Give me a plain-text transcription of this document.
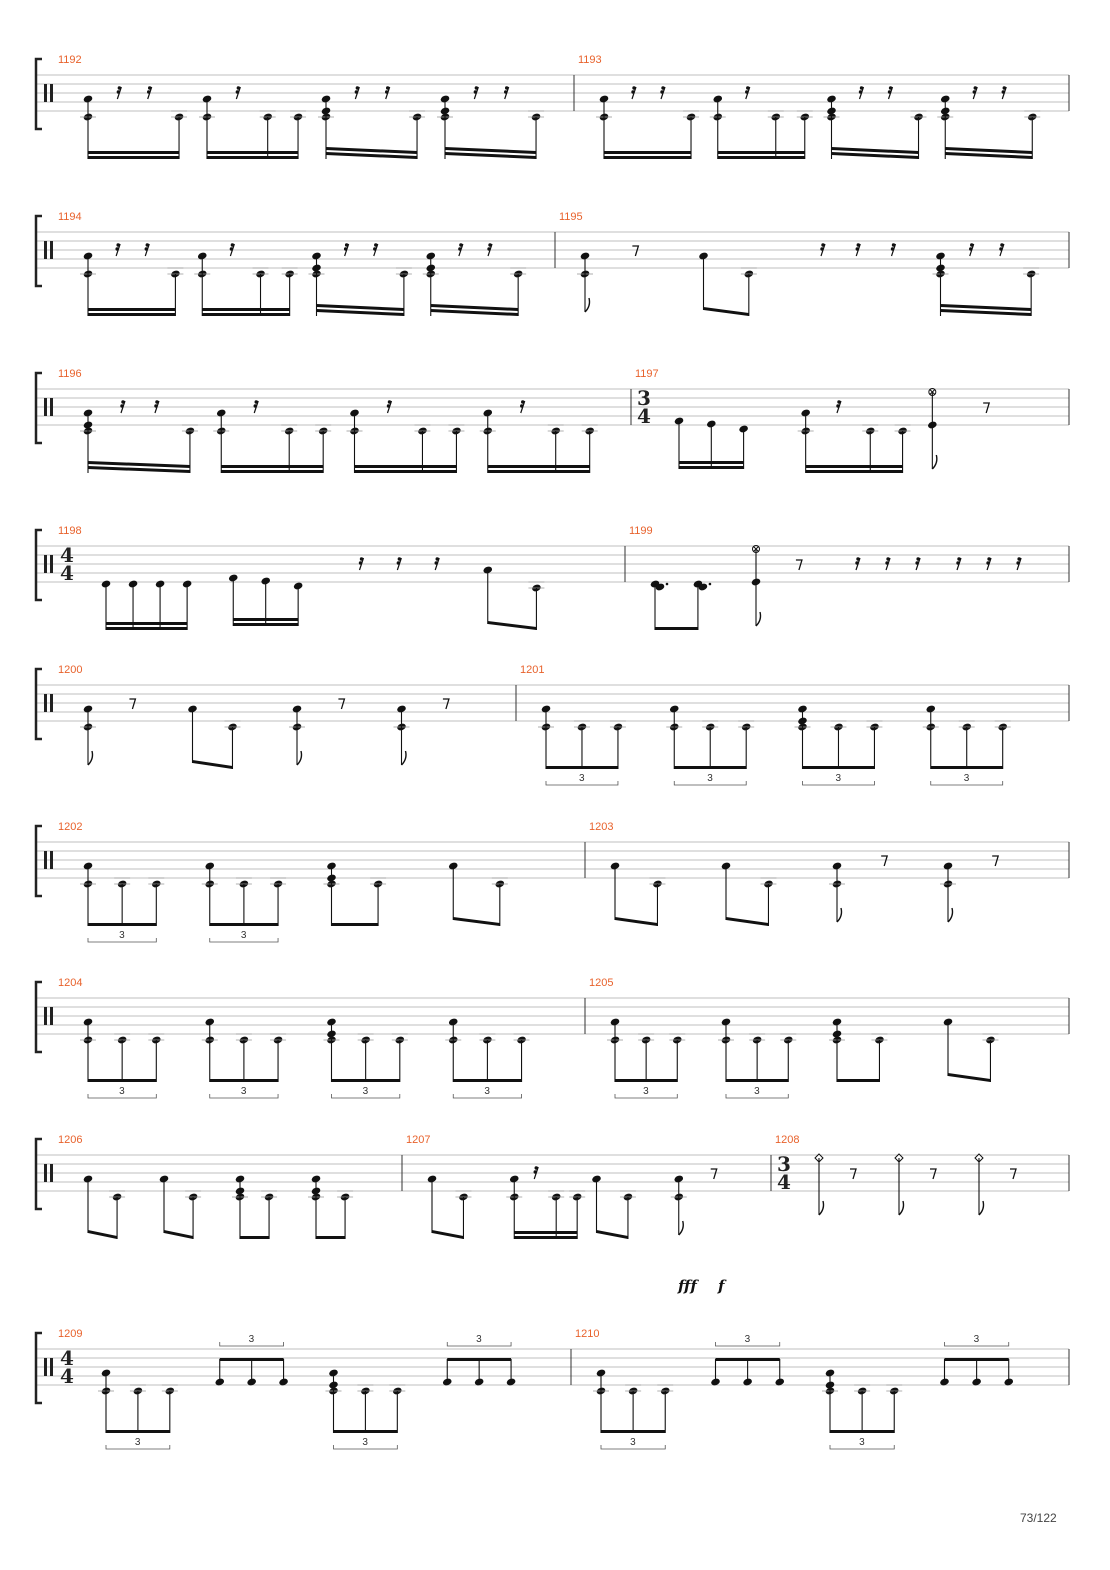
1192	1193
1194	1195
1196	1197
3
4
1198
4
4
1199
1200	1201
3	3	3	3
1202
3	3
1203
1204
3	3	3	3
1205
3	3
1206	1207	1208
3
4
1209
4
4
3
3
3
3	1210
3
3
3
3
fff f
73/122
